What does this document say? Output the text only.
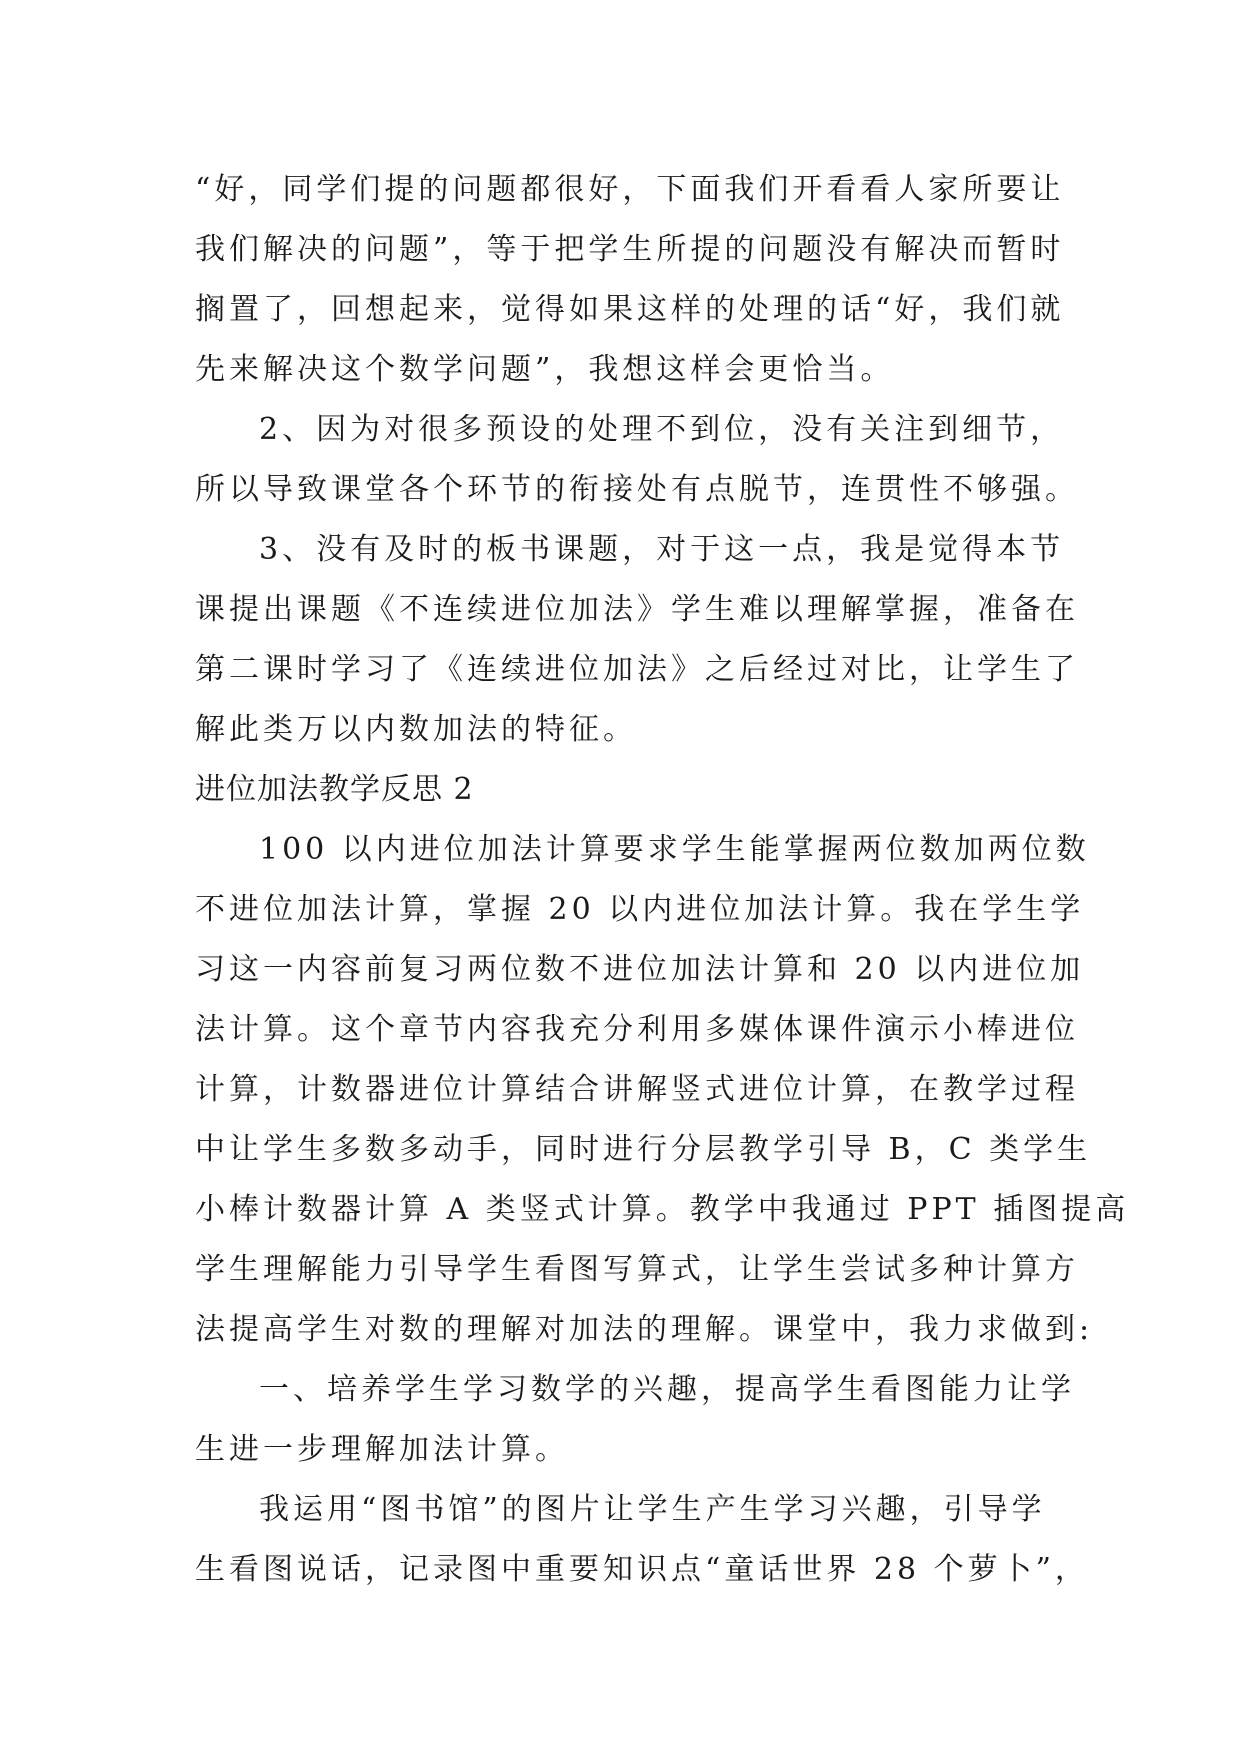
“好，同学们提的问题都很好，下面我们开看看人家所要让

我们解决的问题”，等于把学生所提的问题没有解决而暂时

搁置了，回想起来，觉得如果这样的处理的话“好，我们就

先来解决这个数学问题”，我想这样会更恰当。

2、因为对很多预设的处理不到位，没有关注到细节，

所以导致课堂各个环节的衔接处有点脱节，连贯性不够强。

3、没有及时的板书课题，对于这一点，我是觉得本节

课提出课题《不连续进位加法》学生难以理解掌握，准备在

第二课时学习了《连续进位加法》之后经过对比，让学生了

解此类万以内数加法的特征。

进位加法教学反思 2

100 以内进位加法计算要求学生能掌握两位数加两位数

不进位加法计算，掌握 20 以内进位加法计算。我在学生学

习这一内容前复习两位数不进位加法计算和 20 以内进位加

法计算。这个章节内容我充分利用多媒体课件演示小棒进位

计算，计数器进位计算结合讲解竖式进位计算，在教学过程

中让学生多数多动手，同时进行分层教学引导 B，C 类学生

小棒计数器计算 A 类竖式计算。教学中我通过 PPT 插图提高

学生理解能力引导学生看图写算式，让学生尝试多种计算方

法提高学生对数的理解对加法的理解。课堂中，我力求做到:

一、培养学生学习数学的兴趣，提高学生看图能力让学

生进一步理解加法计算。

我运用“图书馆”的图片让学生产生学习兴趣，引导学

生看图说话，记录图中重要知识点“童话世界 28 个萝卜”，
